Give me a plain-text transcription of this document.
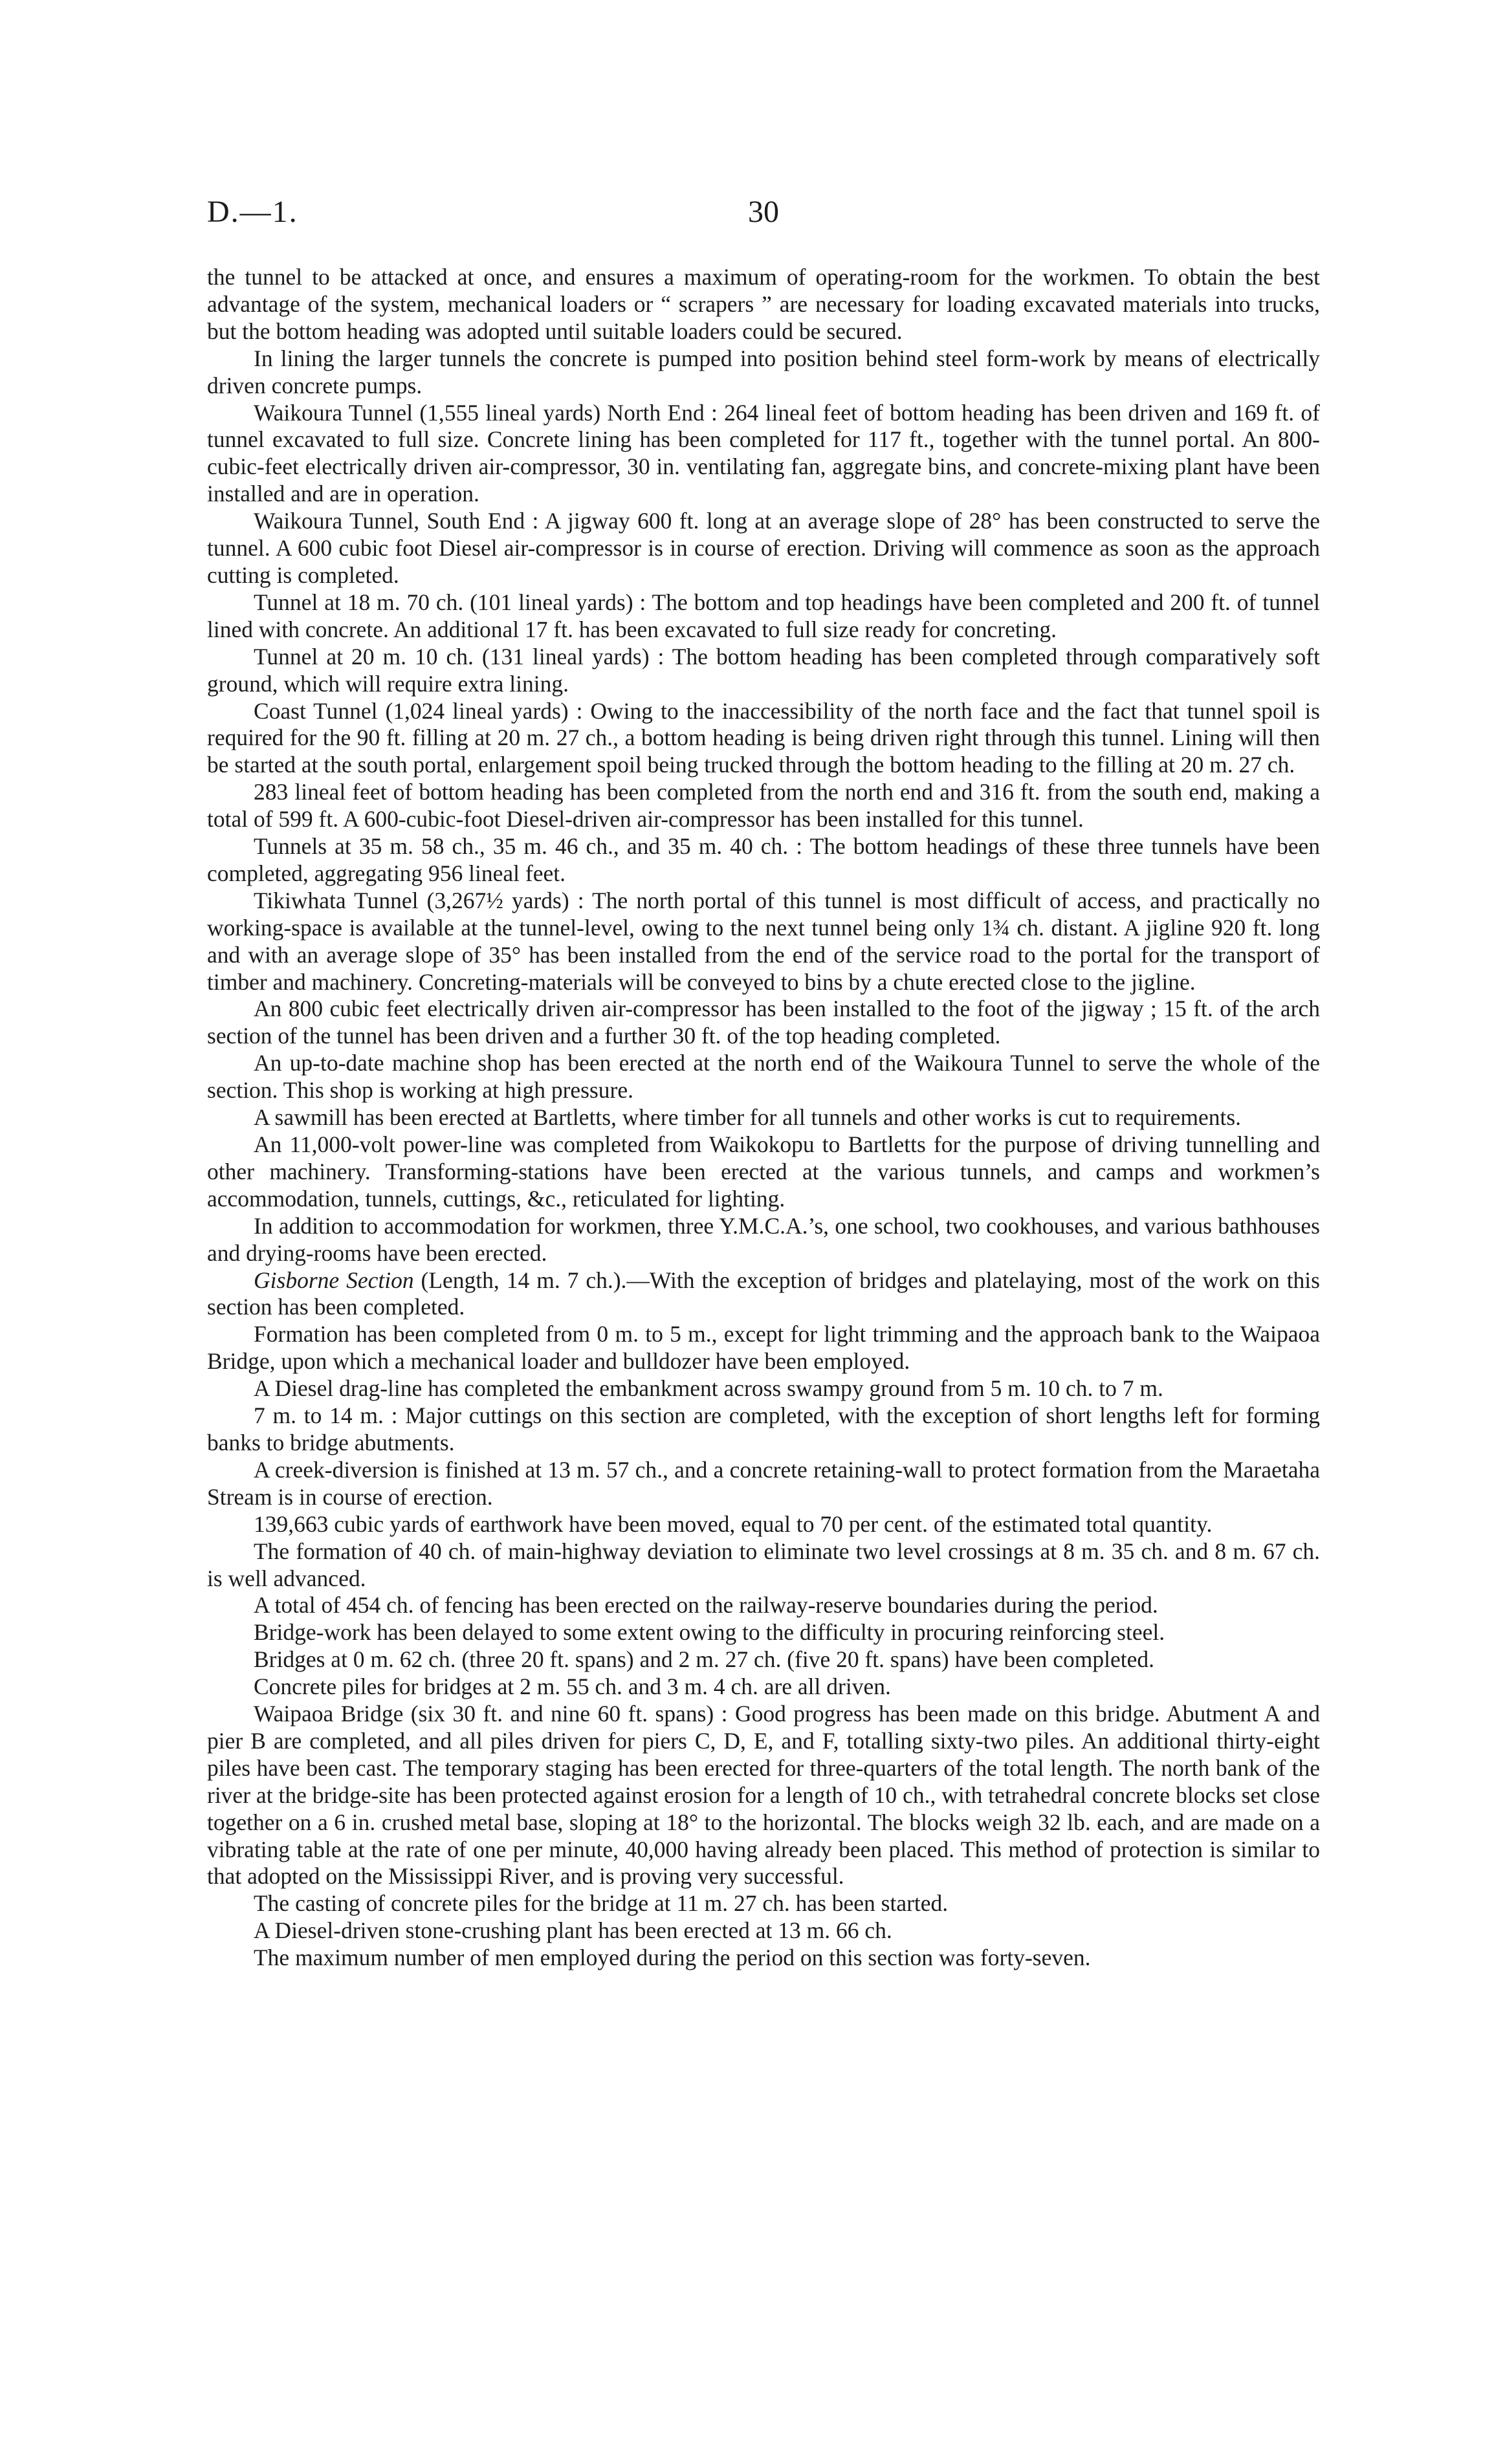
D.—1.	30

the tunnel to be attacked at once, and ensures a maximum of operating-room for the workmen. To obtain the best advantage of the system, mechanical loaders or “ scrapers ” are necessary for loading excavated materials into trucks, but the bottom heading was adopted until suitable loaders could be secured.

In lining the larger tunnels the concrete is pumped into position behind steel form-work by means of electrically driven concrete pumps.

Waikoura Tunnel (1,555 lineal yards) North End : 264 lineal feet of bottom heading has been driven and 169 ft. of tunnel excavated to full size. Concrete lining has been completed for 117 ft., together with the tunnel portal. An 800-cubic-feet electrically driven air-compressor, 30 in. ventilating fan, aggregate bins, and concrete-mixing plant have been installed and are in operation.

Waikoura Tunnel, South End : A jigway 600 ft. long at an average slope of 28° has been constructed to serve the tunnel. A 600 cubic foot Diesel air-compressor is in course of erection. Driving will commence as soon as the approach cutting is completed.

Tunnel at 18 m. 70 ch. (101 lineal yards) : The bottom and top headings have been completed and 200 ft. of tunnel lined with concrete. An additional 17 ft. has been excavated to full size ready for concreting.

Tunnel at 20 m. 10 ch. (131 lineal yards) : The bottom heading has been completed through comparatively soft ground, which will require extra lining.

Coast Tunnel (1,024 lineal yards) : Owing to the inaccessibility of the north face and the fact that tunnel spoil is required for the 90 ft. filling at 20 m. 27 ch., a bottom heading is being driven right through this tunnel. Lining will then be started at the south portal, enlargement spoil being trucked through the bottom heading to the filling at 20 m. 27 ch.

283 lineal feet of bottom heading has been completed from the north end and 316 ft. from the south end, making a total of 599 ft. A 600-cubic-foot Diesel-driven air-compressor has been installed for this tunnel.

Tunnels at 35 m. 58 ch., 35 m. 46 ch., and 35 m. 40 ch. : The bottom headings of these three tunnels have been completed, aggregating 956 lineal feet.

Tikiwhata Tunnel (3,267½ yards) : The north portal of this tunnel is most difficult of access, and practically no working-space is available at the tunnel-level, owing to the next tunnel being only 1¾ ch. distant. A jigline 920 ft. long and with an average slope of 35° has been installed from the end of the service road to the portal for the transport of timber and machinery. Concreting-materials will be conveyed to bins by a chute erected close to the jigline.

An 800 cubic feet electrically driven air-compressor has been installed to the foot of the jigway ; 15 ft. of the arch section of the tunnel has been driven and a further 30 ft. of the top heading completed.

An up-to-date machine shop has been erected at the north end of the Waikoura Tunnel to serve the whole of the section. This shop is working at high pressure.

A sawmill has been erected at Bartletts, where timber for all tunnels and other works is cut to requirements.

An 11,000-volt power-line was completed from Waikokopu to Bartletts for the purpose of driving tunnelling and other machinery. Transforming-stations have been erected at the various tunnels, and camps and workmen’s accommodation, tunnels, cuttings, &c., reticulated for lighting.

In addition to accommodation for workmen, three Y.M.C.A.’s, one school, two cookhouses, and various bathhouses and drying-rooms have been erected.

Gisborne Section (Length, 14 m. 7 ch.).—With the exception of bridges and platelaying, most of the work on this section has been completed.

Formation has been completed from 0 m. to 5 m., except for light trimming and the approach bank to the Waipaoa Bridge, upon which a mechanical loader and bulldozer have been employed.

A Diesel drag-line has completed the embankment across swampy ground from 5 m. 10 ch. to 7 m.

7 m. to 14 m. : Major cuttings on this section are completed, with the exception of short lengths left for forming banks to bridge abutments.

A creek-diversion is finished at 13 m. 57 ch., and a concrete retaining-wall to protect formation from the Maraetaha Stream is in course of erection.

139,663 cubic yards of earthwork have been moved, equal to 70 per cent. of the estimated total quantity.

The formation of 40 ch. of main-highway deviation to eliminate two level crossings at 8 m. 35 ch. and 8 m. 67 ch. is well advanced.

A total of 454 ch. of fencing has been erected on the railway-reserve boundaries during the period.

Bridge-work has been delayed to some extent owing to the difficulty in procuring reinforcing steel.

Bridges at 0 m. 62 ch. (three 20 ft. spans) and 2 m. 27 ch. (five 20 ft. spans) have been completed.

Concrete piles for bridges at 2 m. 55 ch. and 3 m. 4 ch. are all driven.

Waipaoa Bridge (six 30 ft. and nine 60 ft. spans) : Good progress has been made on this bridge. Abutment A and pier B are completed, and all piles driven for piers C, D, E, and F, totalling sixty-two piles. An additional thirty-eight piles have been cast. The temporary staging has been erected for three-quarters of the total length. The north bank of the river at the bridge-site has been protected against erosion for a length of 10 ch., with tetrahedral concrete blocks set close together on a 6 in. crushed metal base, sloping at 18° to the horizontal. The blocks weigh 32 lb. each, and are made on a vibrating table at the rate of one per minute, 40,000 having already been placed. This method of protection is similar to that adopted on the Mississippi River, and is proving very successful.

The casting of concrete piles for the bridge at 11 m. 27 ch. has been started.

A Diesel-driven stone-crushing plant has been erected at 13 m. 66 ch.

The maximum number of men employed during the period on this section was forty-seven.
